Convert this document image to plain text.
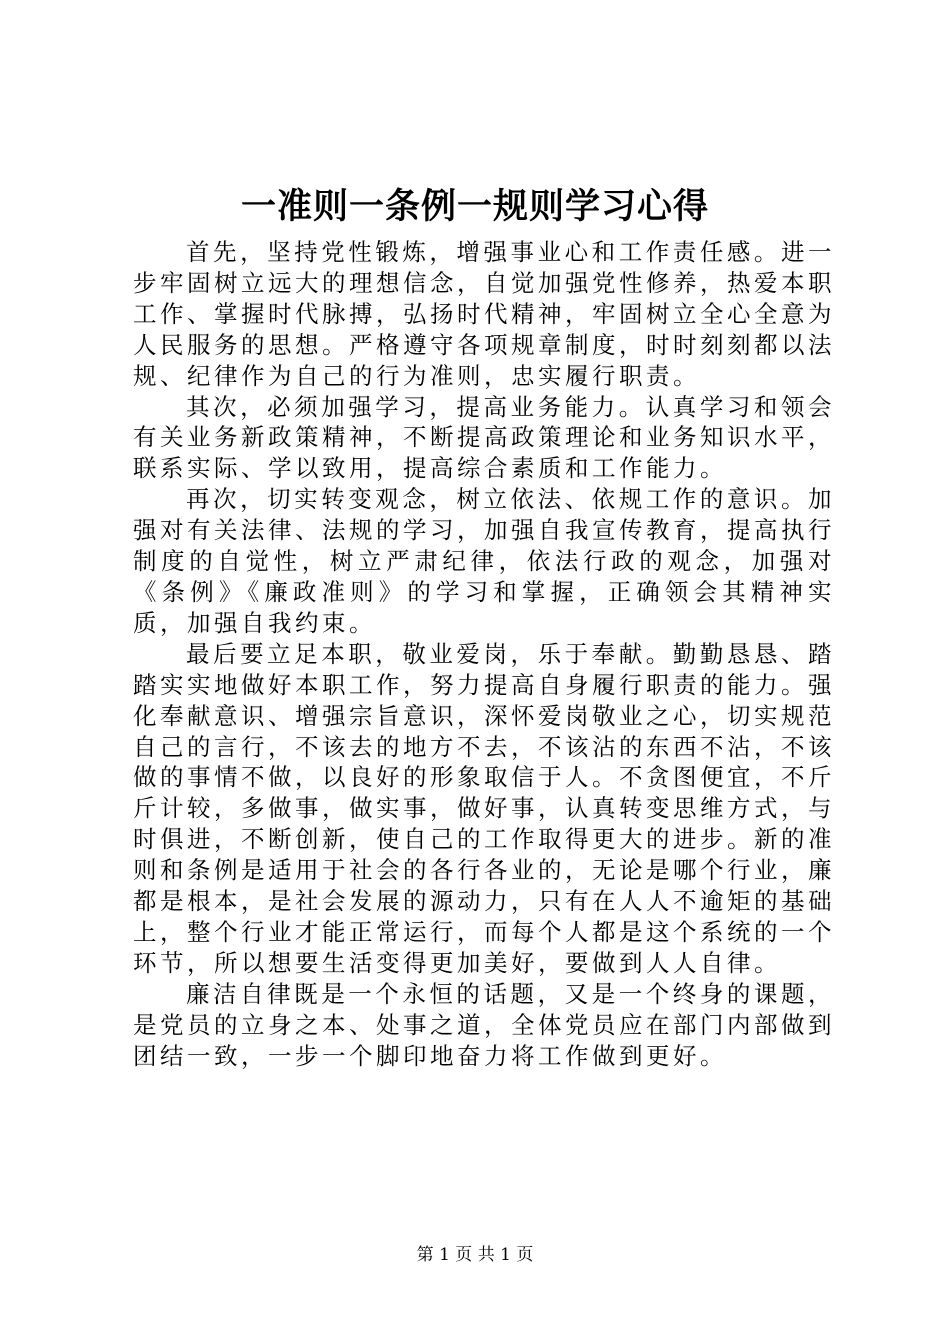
一准则一条例一规则学习心得

首先，坚持党性锻炼，增强事业心和工作责任感。进一步牢固树立远大的理想信念，自觉加强党性修养，热爱本职工作、掌握时代脉搏，弘扬时代精神，牢固树立全心全意为人民服务的思想。严格遵守各项规章制度，时时刻刻都以法规、纪律作为自己的行为准则，忠实履行职责。

其次，必须加强学习，提高业务能力。认真学习和领会有关业务新政策精神，不断提高政策理论和业务知识水平，联系实际、学以致用，提高综合素质和工作能力。

再次，切实转变观念，树立依法、依规工作的意识。加强对有关法律、法规的学习，加强自我宣传教育，提高执行制度的自觉性，树立严肃纪律，依法行政的观念，加强对《条例》《廉政准则》的学习和掌握，正确领会其精神实质，加强自我约束。

最后要立足本职，敬业爱岗，乐于奉献。勤勤恳恳、踏踏实实地做好本职工作，努力提高自身履行职责的能力。强化奉献意识、增强宗旨意识，深怀爱岗敬业之心，切实规范自己的言行，不该去的地方不去，不该沾的东西不沾，不该做的事情不做，以良好的形象取信于人。不贪图便宜，不斤斤计较，多做事，做实事，做好事，认真转变思维方式，与时俱进，不断创新，使自己的工作取得更大的进步。新的准则和条例是适用于社会的各行各业的，无论是哪个行业，廉都是根本，是社会发展的源动力，只有在人人不逾矩的基础上，整个行业才能正常运行，而每个人都是这个系统的一个环节，所以想要生活变得更加美好，要做到人人自律。

廉洁自律既是一个永恒的话题，又是一个终身的课题，是党员的立身之本、处事之道，全体党员应在部门内部做到团结一致，一步一个脚印地奋力将工作做到更好。

第 1 页 共 1 页
